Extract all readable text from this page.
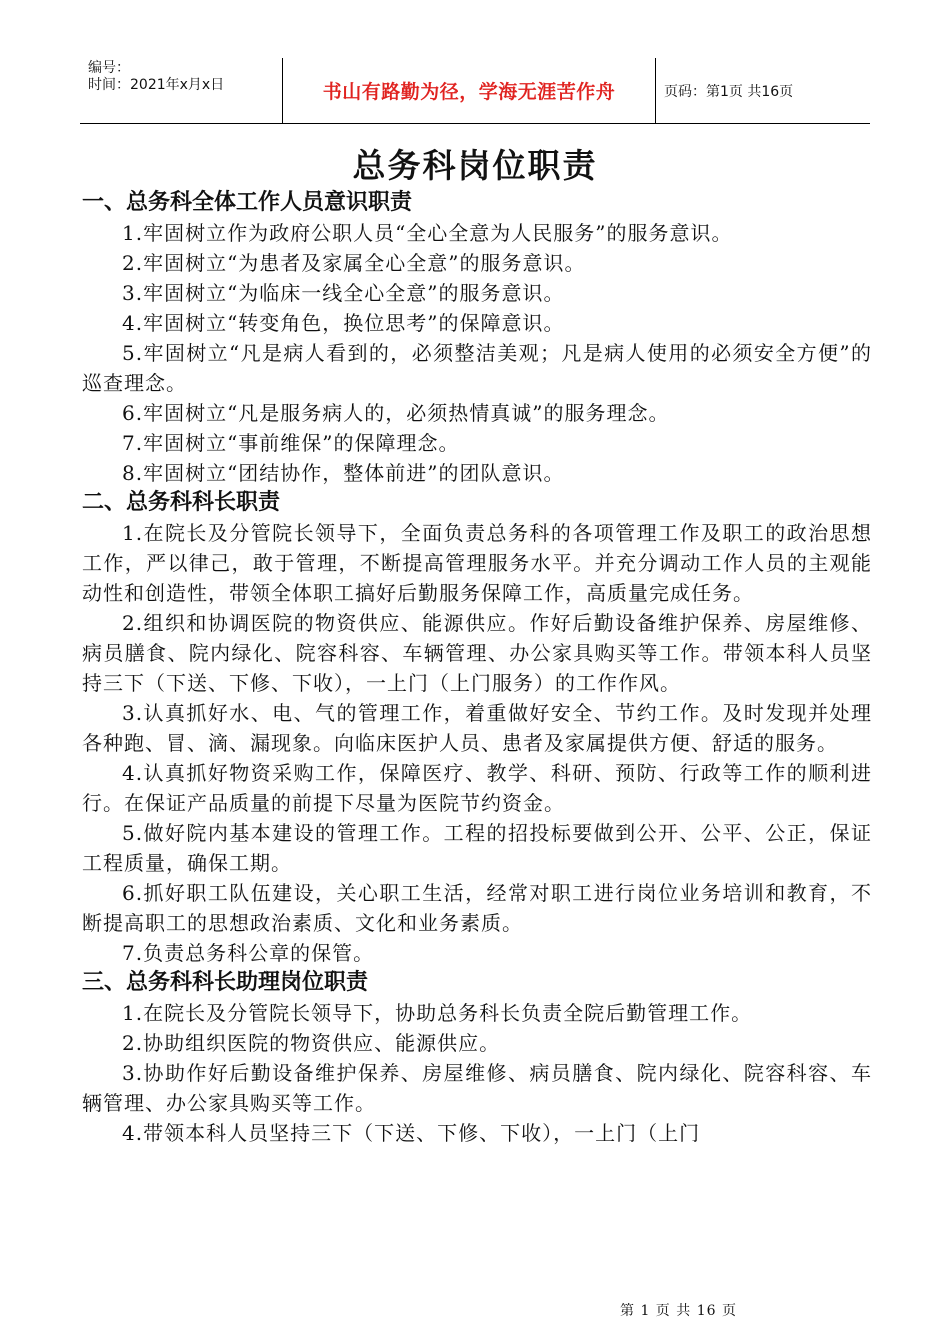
编号：
时间：2021年x月x日	书山有路勤为径，学海无涯苦作舟	页码：第1页 共16页
总务科岗位职责
一、总务科全体工作人员意识职责
1.牢固树立作为政府公职人员“全心全意为人民服务”的服务意识。
2.牢固树立“为患者及家属全心全意”的服务意识。
3.牢固树立“为临床一线全心全意”的服务意识。
4.牢固树立“转变角色，换位思考”的保障意识。
5.牢固树立“凡是病人看到的，必须整洁美观；凡是病人使用的必须安全方便”的巡查理念。
6.牢固树立“凡是服务病人的，必须热情真诚”的服务理念。
7.牢固树立“事前维保”的保障理念。
8.牢固树立“团结协作，整体前进”的团队意识。
二、总务科科长职责
1.在院长及分管院长领导下，全面负责总务科的各项管理工作及职工的政治思想工作，严以律己，敢于管理，不断提高管理服务水平。并充分调动工作人员的主观能动性和创造性，带领全体职工搞好后勤服务保障工作，高质量完成任务。
2.组织和协调医院的物资供应、能源供应。作好后勤设备维护保养、房屋维修、病员膳食、院内绿化、院容科容、车辆管理、办公家具购买等工作。带领本科人员坚持三下（下送、下修、下收），一上门（上门服务）的工作作风。
3.认真抓好水、电、气的管理工作，着重做好安全、节约工作。及时发现并处理各种跑、冒、滴、漏现象。向临床医护人员、患者及家属提供方便、舒适的服务。
4.认真抓好物资采购工作，保障医疗、教学、科研、预防、行政等工作的顺利进行。在保证产品质量的前提下尽量为医院节约资金。
5.做好院内基本建设的管理工作。工程的招投标要做到公开、公平、公正，保证工程质量，确保工期。
6.抓好职工队伍建设，关心职工生活，经常对职工进行岗位业务培训和教育，不断提高职工的思想政治素质、文化和业务素质。
7.负责总务科公章的保管。
三、总务科科长助理岗位职责
1.在院长及分管院长领导下，协助总务科长负责全院后勤管理工作。
2.协助组织医院的物资供应、能源供应。
3.协助作好后勤设备维护保养、房屋维修、病员膳食、院内绿化、院容科容、车辆管理、办公家具购买等工作。
4.带领本科人员坚持三下（下送、下修、下收），一上门（上门
第 1 页 共 16 页
